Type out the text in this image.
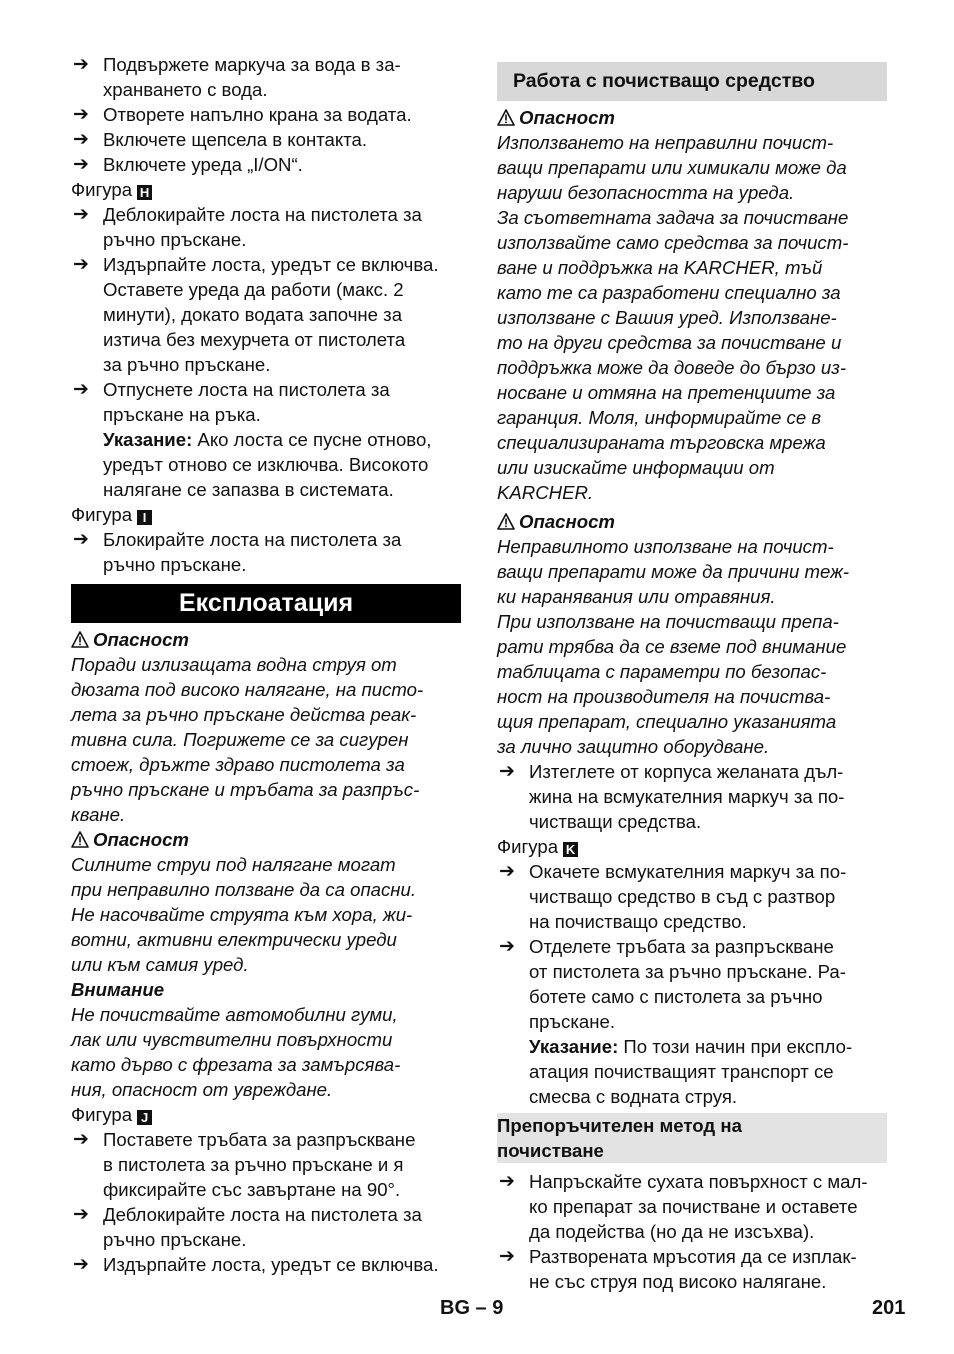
➔ Подвържете маркуча за вода в за-
хранването с вода.
➔ Отворете напълно крана за водата.
➔ Включете щепсела в контакта.
➔ Включете уреда „I/ON“.
Фигура H
➔ Деблокирайте лоста на пистолета за
ръчно пръскане.
➔ Издърпайте лоста, уредът се включва.
Оставете уреда да работи (макс. 2
минути), докато водата започне за
изтича без мехурчета от пистолета
за ръчно пръскане.
➔ Отпуснете лоста на пистолета за
пръскане на ръка.
Указание: Ако лоста се пусне отново,
уредът отново се изключва. Високото
налягане се запазва в системата.
Фигура I
➔ Блокирайте лоста на пистолета за
ръчно пръскане.
Експлоатация
Опасност
Поради излизащата водна струя от
дюзата под високо налягане, на писто-
лета за ръчно пръскане действа реак-
тивна сила. Погрижете се за сигурен
стоеж, дръжте здраво пистолета за
ръчно пръскане и тръбата за разпръс-
кване.
Опасност
Силните струи под налягане могат
при неправилно ползване да са опасни.
Не насочвайте струята към хора, жи-
вотни, активни електрически уреди
или към самия уред.
Внимание
Не почиствайте автомобилни гуми,
лак или чувствителни повърхности
като дърво с фрезата за замърсява-
ния, опасност от увреждане.
Фигура J
➔ Поставете тръбата за разпръскване
в пистолета за ръчно пръскане и я
фиксирайте със завъртане на 90°.
➔ Деблокирайте лоста на пистолета за
ръчно пръскане.
➔ Издърпайте лоста, уредът се включва.
Работа с почистващо средство
Опасност
Използването на неправилни почист-
ващи препарати или химикали може да
наруши безопасността на уреда.
За съответната задача за почистване
използвайте само средства за почист-
ване и поддръжка на KARCHER, тъй
като те са разработени специално за
използване с Вашия уред. Използване-
то на други средства за почистване и
поддръжка може да доведе до бързо из-
носване и отмяна на претенциите за
гаранция. Моля, информирайте се в
специализираната търговска мрежа
или изискайте информации от
KARCHER.
Опасност
Неправилното използване на почист-
ващи препарати може да причини теж-
ки наранявания или отравяния.
При използване на почистващи препа-
рати трябва да се вземе под внимание
таблицата с параметри по безопас-
ност на производителя на почиства-
щия препарат, специално указанията
за лично защитно оборудване.
➔ Изтеглете от корпуса желаната дъл-
жина на всмукателния маркуч за по-
чистващи средства.
Фигура K
➔ Окачете всмукателния маркуч за по-
чистващо средство в съд с разтвор
на почистващо средство.
➔ Отделете тръбата за разпръскване
от пистолета за ръчно пръскане. Ра-
ботете само с пистолета за ръчно
пръскане.
Указание: По този начин при експло-
атация почистващият транспорт се
смесва с водната струя.
Препоръчителен метод на
почистване
➔ Напръскайте сухата повърхност с мал-
ко препарат за почистване и оставете
да подейства (но да не изсъхва).
➔ Разтворената мръсотия да се изплак-
не със струя под високо налягане.
BG – 9	201
